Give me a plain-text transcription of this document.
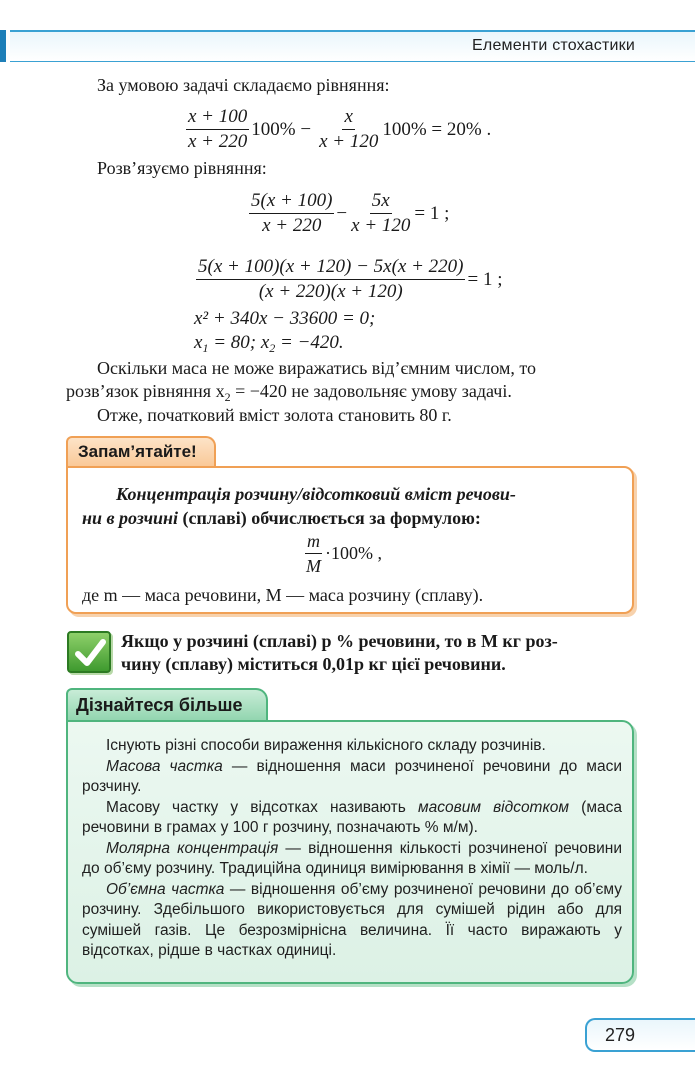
Елементи стохастики
За умовою задачі складаємо рівняння:
$\frac{x + 100}{x + 220} 100\% - \frac{x}{x + 120} 100\% = 20\%$ .
Розв’язуємо рівняння:
$\frac{5(x + 100)}{x + 220} - \frac{5x}{x + 120} = 1$ ;
$\frac{5(x + 100)(x + 120) - 5x(x + 220)}{(x + 220)(x + 120)} = 1$ ;
x² + 340x − 33600 = 0;
$x_1 = 80$; $x_2 = -420$.
Оскільки маса не може виражатись від’ємним числом, то
розв’язок рівняння $x_2 = -420$ не задовольняє умову задачі.
Отже, початковий вміст золота становить 80 г.
Запам’ятайте!
Концентрація розчину/відсотковий вміст речови-
ни в розчині (сплаві) обчислюється за формулою:
$\frac{m}{M} \cdot 100\%$ ,
де m — маса речовини, M — маса розчину (сплаву).
Якщо у розчині (сплаві) p % речовини, то в M кг роз-
чину (сплаву) міститься 0,01p кг цієї речовини.
Дізнайтеся більше

Існують різні способи вираження кількісного складу розчинів.

Масова частка — відношення маси розчиненої речовини до маси розчину.

Масову частку у відсотках називають масовим відсотком (маса речовини в грамах у 100 г розчину, позначають % м/м).

Молярна концентрація — відношення кількості розчиненої речовини до об’єму розчину. Традиційна одиниця вимірювання в хімії — моль/л.

Об’ємна частка — відношення об’єму розчиненої речовини до об’єму розчину. Здебільшого використовується для сумішей рідин або для сумішей газів. Це безрозмірнісна величина. Її часто виражають у відсотках, рідше в частках одиниці.

279
